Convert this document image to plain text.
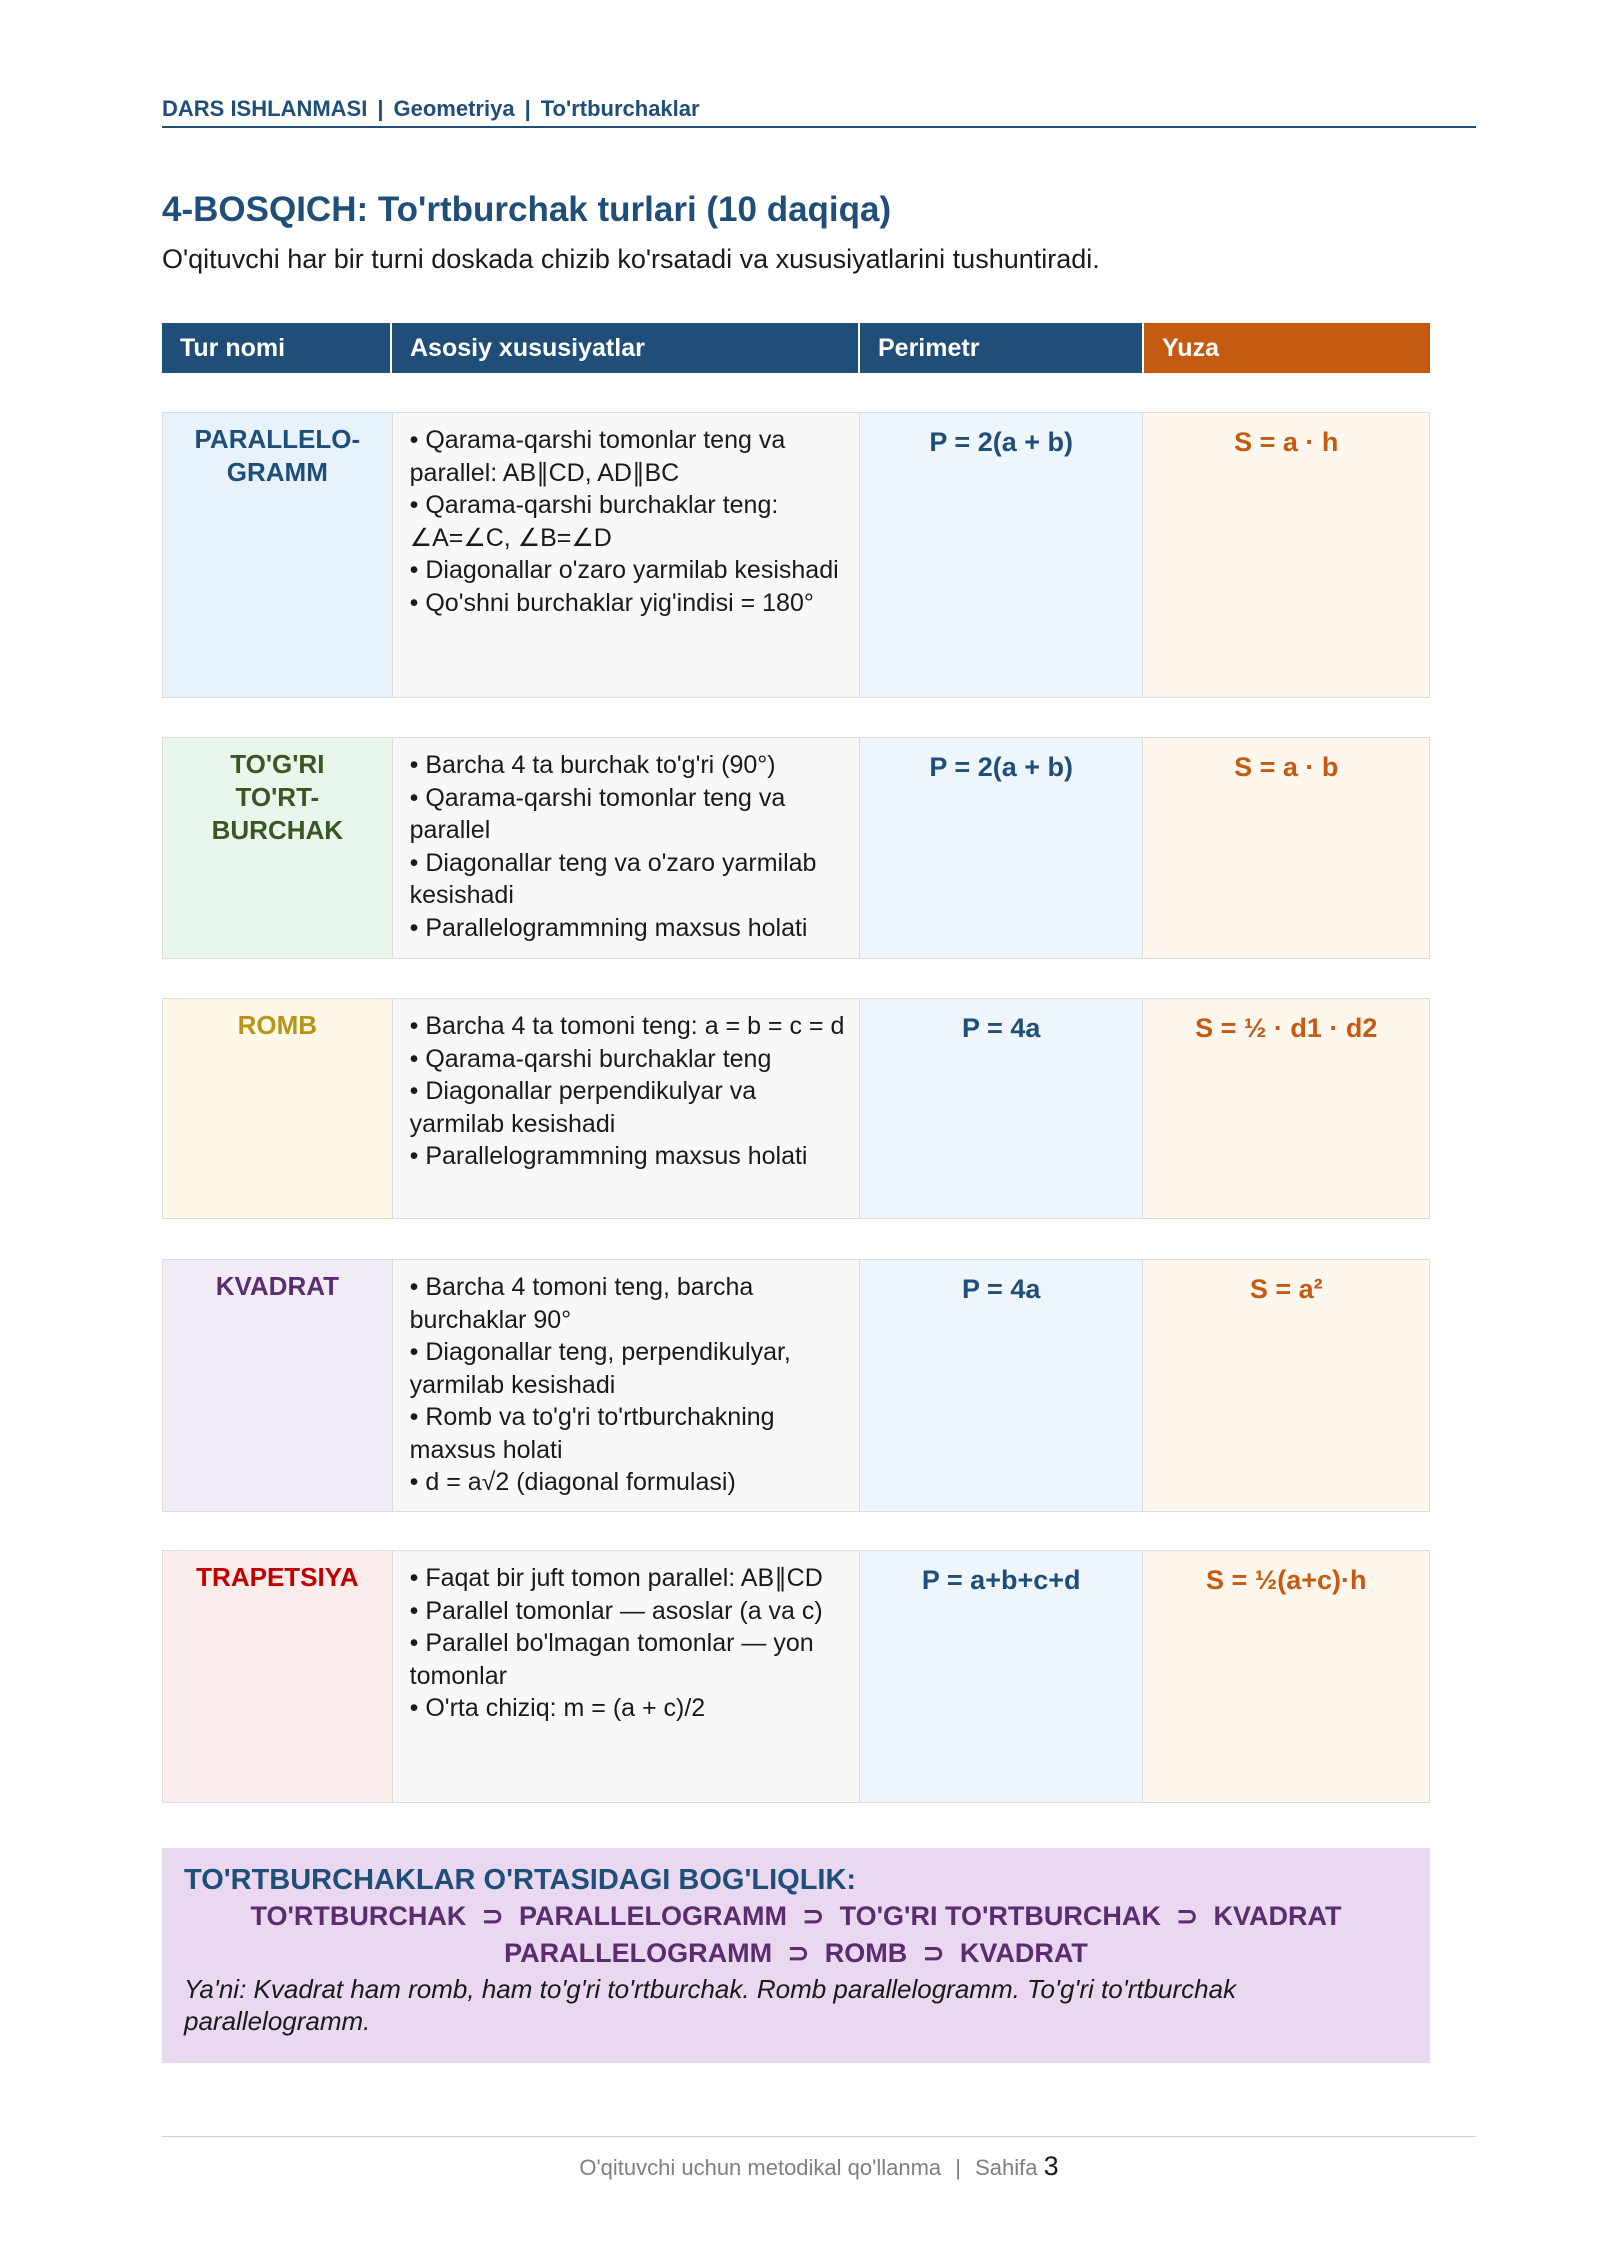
DARS ISHLANMASI | Geometriya | To'rtburchaklar
4-BOSQICH: To'rtburchak turlari (10 daqiqa)
O'qituvchi har bir turni doskada chizib ko'rsatadi va xususiyatlarini tushuntiradi.
Tur nomi	Asosiy xususiyatlar	Perimetr	Yuza
PARALLELO-
GRAMM
• Qarama-qarshi tomonlar teng va parallel: AB∥CD, AD∥BC
• Qarama-qarshi burchaklar teng: ∠A=∠C, ∠B=∠D
• Diagonallar o'zaro yarmilab kesishadi
• Qo'shni burchaklar yig'indisi = 180°
P = 2(a + b)	S = a · h
TO'G'RI
TO'RT-
BURCHAK
• Barcha 4 ta burchak to'g'ri (90°)
• Qarama-qarshi tomonlar teng va parallel
• Diagonallar teng va o'zaro yarmilab kesishadi
• Parallelogrammning maxsus holati
P = 2(a + b)	S = a · b
ROMB	• Barcha 4 ta tomoni teng: a = b = c = d
• Qarama-qarshi burchaklar teng
• Diagonallar perpendikulyar va yarmilab kesishadi
• Parallelogrammning maxsus holati
P = 4a	S = ½ · d1 · d2
KVADRAT	• Barcha 4 tomoni teng, barcha burchaklar 90°
• Diagonallar teng, perpendikulyar, yarmilab kesishadi
• Romb va to'g'ri to'rtburchakning maxsus holati
• d = a√2 (diagonal formulasi)
P = 4a	S = a²
TRAPETSIYA	• Faqat bir juft tomon parallel: AB∥CD
• Parallel tomonlar — asoslar (a va c)
• Parallel bo'lmagan tomonlar — yon tomonlar
• O'rta chiziq: m = (a + c)/2
P = a+b+c+d	S = ½(a+c)·h
TO'RTBURCHAKLAR O'RTASIDAGI BOG'LIQLIK:
TO'RTBURCHAK  ⊃  PARALLELOGRAMM  ⊃  TO'G'RI TO'RTBURCHAK  ⊃  KVADRAT
PARALLELOGRAMM  ⊃  ROMB  ⊃  KVADRAT
Ya'ni: Kvadrat ham romb, ham to'g'ri to'rtburchak. Romb parallelogramm. To'g'ri to'rtburchak parallelogramm.
O'qituvchi uchun metodikal qo'llanma | Sahifa 3
